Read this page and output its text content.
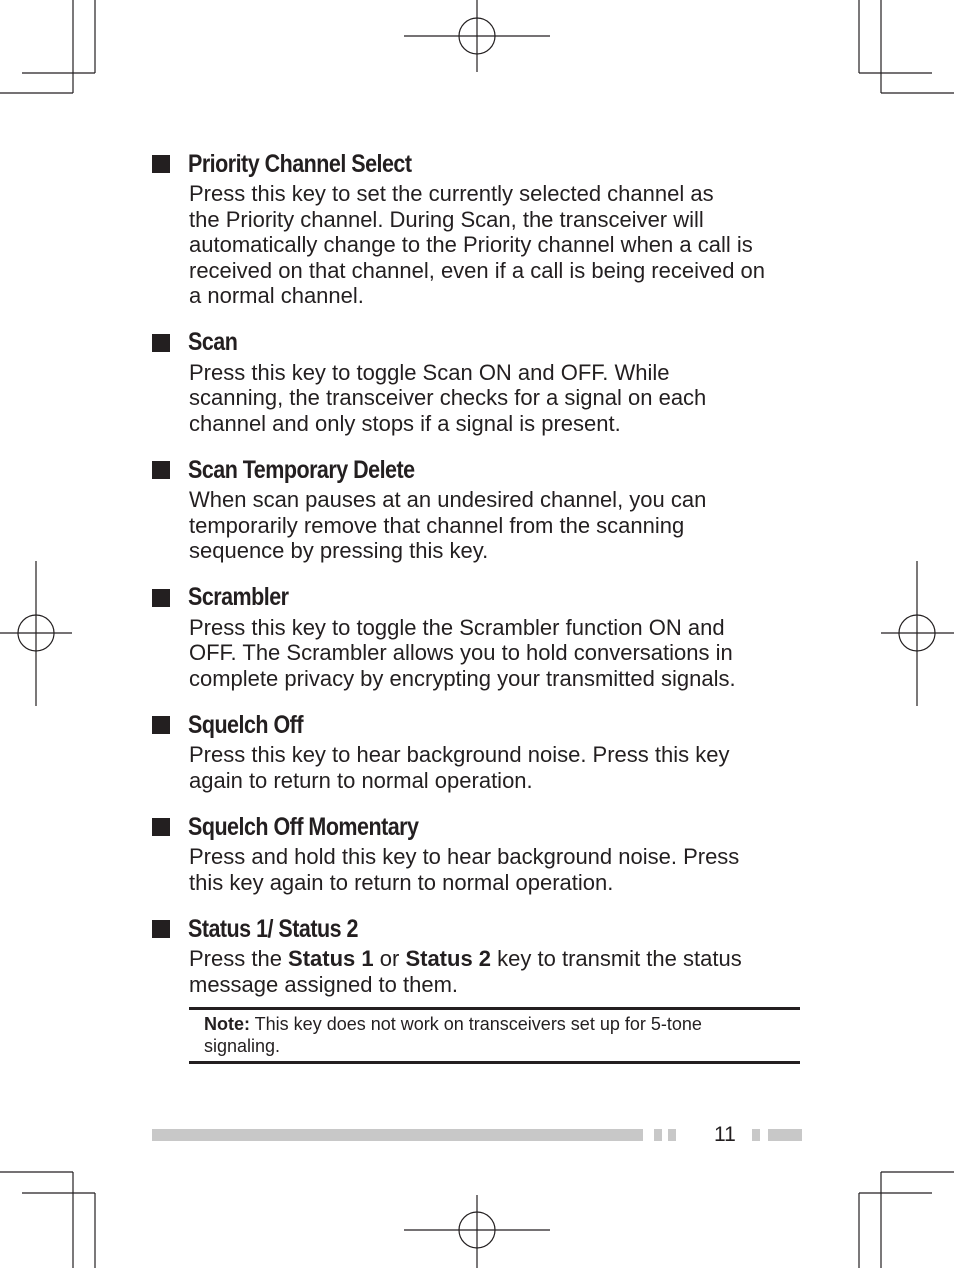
Priority Channel Select
Press this key to set the currently selected channel as
the Priority channel. During Scan, the transceiver will
automatically change to the Priority channel when a call is
received on that channel, even if a call is being received on
a normal channel.
Scan
Press this key to toggle Scan ON and OFF. While
scanning, the transceiver checks for a signal on each
channel and only stops if a signal is present.
Scan Temporary Delete
When scan pauses at an undesired channel, you can
temporarily remove that channel from the scanning
sequence by pressing this key.
Scrambler
Press this key to toggle the Scrambler function ON and
OFF. The Scrambler allows you to hold conversations in
complete privacy by encrypting your transmitted signals.
Squelch Off
Press this key to hear background noise. Press this key
again to return to normal operation.
Squelch Off Momentary
Press and hold this key to hear background noise. Press
this key again to return to normal operation.
Status 1/ Status 2
Press the Status 1 or Status 2 key to transmit the status
message assigned to them.
Note: This key does not work on transceivers set up for 5-tone
signaling.
11
